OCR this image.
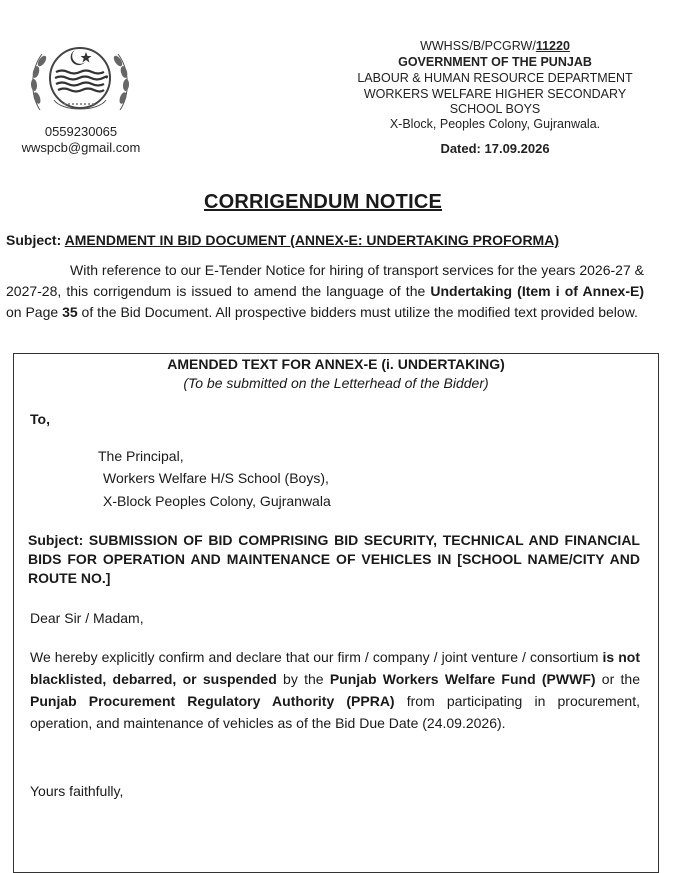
0559230065
wwspcb@gmail.com
WWHSS/B/PCGRW/11220
GOVERNMENT OF THE PUNJAB
LABOUR & HUMAN RESOURCE DEPARTMENT
WORKERS WELFARE HIGHER SECONDARY
SCHOOL BOYS
X-Block, Peoples Colony, Gujranwala.
Dated: 17.09.2026
CORRIGENDUM NOTICE
Subject: AMENDMENT IN BID DOCUMENT (ANNEX-E: UNDERTAKING PROFORMA)
With reference to our E-Tender Notice for hiring of transport services for the years 2026-27 & 2027-28, this corrigendum is issued to amend the language of the Undertaking (Item i of Annex-E) on Page 35 of the Bid Document. All prospective bidders must utilize the modified text provided below.
AMENDED TEXT FOR ANNEX-E (i. UNDERTAKING)
(To be submitted on the Letterhead of the Bidder)
To,
The Principal,
Workers Welfare H/S School (Boys),
X-Block Peoples Colony, Gujranwala
Subject: SUBMISSION OF BID COMPRISING BID SECURITY, TECHNICAL AND FINANCIAL BIDS FOR OPERATION AND MAINTENANCE OF VEHICLES IN [SCHOOL NAME/CITY AND ROUTE NO.]
Dear Sir / Madam,
We hereby explicitly confirm and declare that our firm / company / joint venture / consortium is not blacklisted, debarred, or suspended by the Punjab Workers Welfare Fund (PWWF) or the Punjab Procurement Regulatory Authority (PPRA) from participating in procurement, operation, and maintenance of vehicles as of the Bid Due Date (24.09.2026).
Yours faithfully,
